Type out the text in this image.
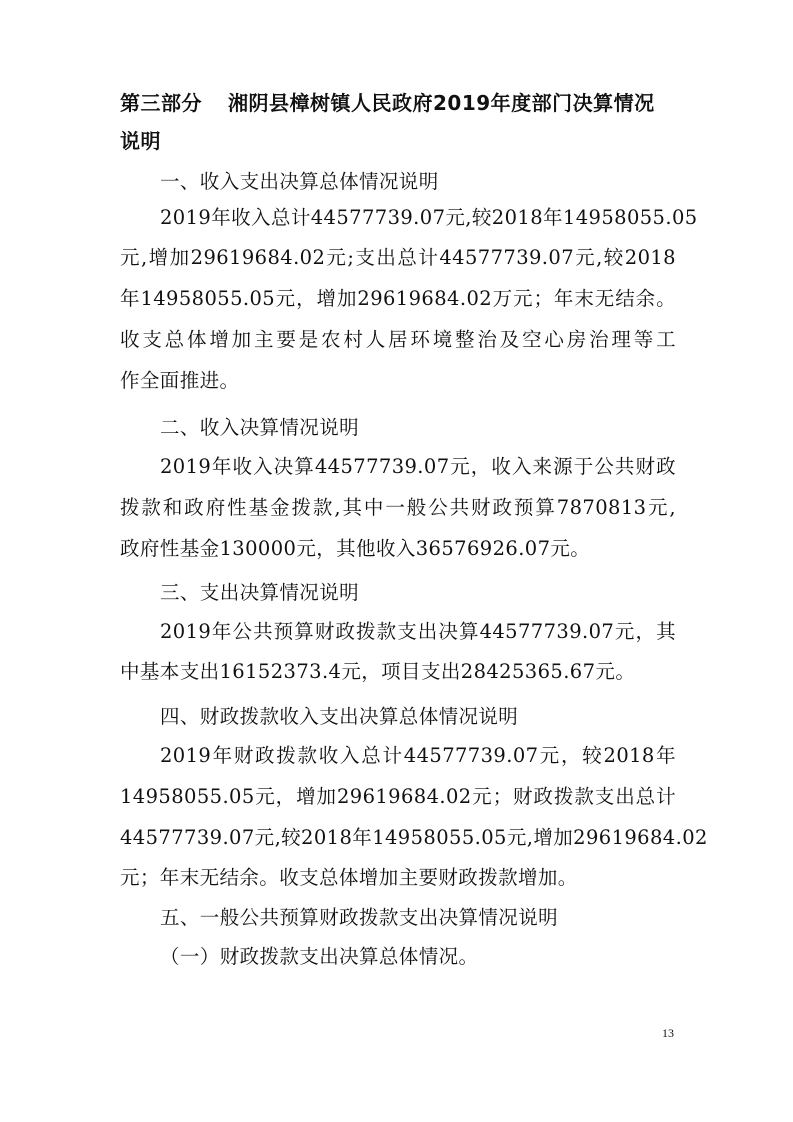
第三部分 湘阴县樟树镇人民政府2019年度部门决算情况
说明
一、收入支出决算总体情况说明
2019年收入总计44577739.07元,较2018年14958055.05
元,增加29619684.02元;支出总计44577739.07元,较2018
年14958055.05元，增加29619684.02万元；年末无结余。
收支总体增加主要是农村人居环境整治及空心房治理等工
作全面推进。
二、收入决算情况说明
2019年收入决算44577739.07元，收入来源于公共财政
拨款和政府性基金拨款,其中一般公共财政预算7870813元,
政府性基金130000元，其他收入36576926.07元。
三、支出决算情况说明
2019年公共预算财政拨款支出决算44577739.07元，其
中基本支出16152373.4元，项目支出28425365.67元。
四、财政拨款收入支出决算总体情况说明
2019年财政拨款收入总计44577739.07元，较2018年
14958055.05元，增加29619684.02元；财政拨款支出总计
44577739.07元,较2018年14958055.05元,增加29619684.02
元；年末无结余。收支总体增加主要财政拨款增加。
五、一般公共预算财政拨款支出决算情况说明
（一）财政拨款支出决算总体情况。
13
